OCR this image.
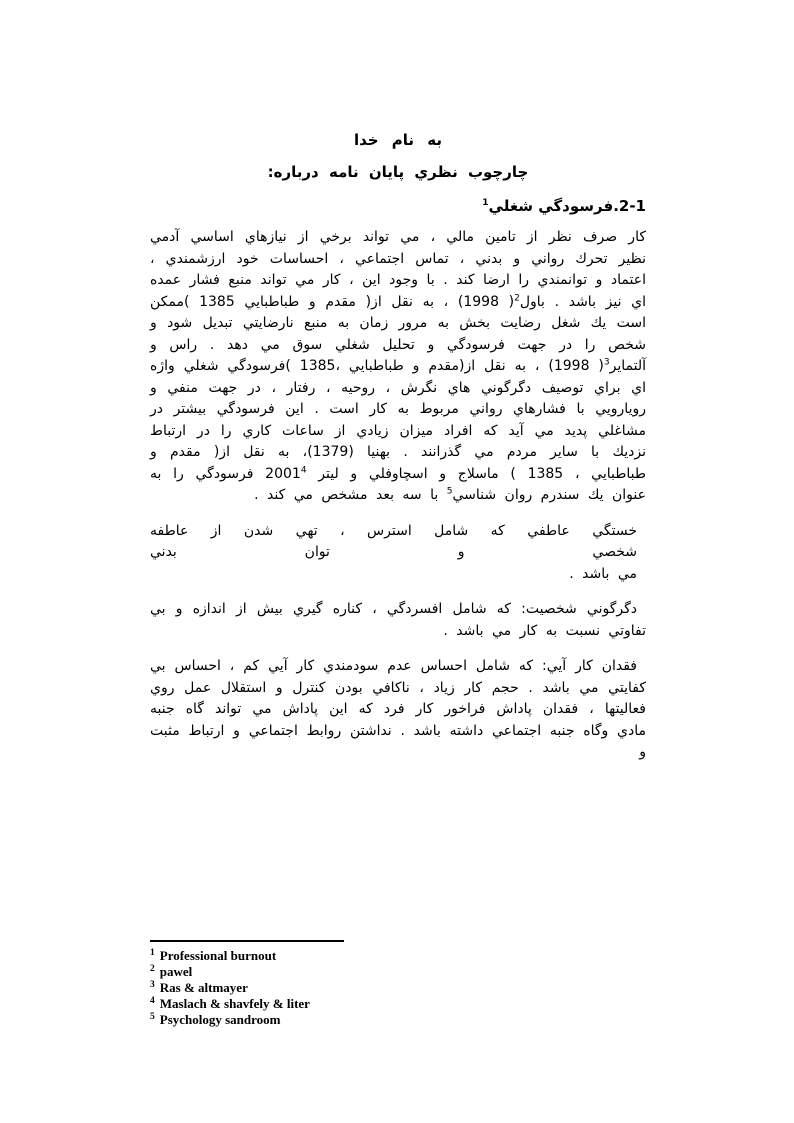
به نام خدا
چارچوب نظري پايان نامه درباره:
2-1.فرسودگي شغلي$^1$

كار صرف نظر از تامين مالي ، مي تواند برخي از نيازهاي اساسي آدمي نظير تحرك رواني و بدني ، تماس اجتماعي ، احساسات خود ارزشمندي ، اعتماد و توانمندي را ارضا كند . با وجود اين ، كار مي تواند منبع فشار عمده اي نيز باشد . باول$^2$( 1998) ، به نقل از( مقدم و طباطبايي 1385 )ممكن است يك شغل رضايت بخش به مرور زمان به منبع نارضايتي تبديل شود و شخص را در جهت فرسودگي و تحليل شغلي سوق مي دهد . راس و آلتماير$^3$( 1998) ، به نقل از(مقدم و طباطبايي ،1385 )فرسودگي شغلي واژه اي براي توصيف دگرگوني هاي نگرش ، روحيه ، رفتار ، در جهت منفي و رويارويي با فشارهاي رواني مربوط به كار است . اين فرسودگي بيشتر در مشاغلي پديد مي آيد كه افراد ميزان زيادي از ساعات كاري را در ارتباط نزديك با ساير مردم مي گذرانند . بهنيا (1379)، به نقل از( مقدم و طباطبايي ، 1385 ) ماسلاج و اسچاوفلي و ليتر 2001$^4$ فرسودگي را به عنوان يك سندرم روان شناسي$^5$ با سه بعد مشخص مي كند .

خستگي عاطفي كه شامل استرس ، تهي شدن از عاطفه
شخصي و توان بدني
مي باشد .

دگرگوني شخصيت: كه شامل افسردگي ، كناره گيري بيش از اندازه و بي تفاوتي نسبت به كار مي باشد .

فقدان كار آيي: كه شامل احساس عدم سودمندي كار آيي كم ، احساس بي كفايتي مي باشد . حجم كار زياد ، ناكافي بودن كنترل و استقلال عمل روي فعاليتها ، فقدان پاداش فراخور كار فرد كه اين پاداش مي تواند گاه جنبه مادي وگاه جنبه اجتماعي داشته باشد . نداشتن روابط اجتماعي و ارتباط مثبت و

$^1$ Professional burnout
$^2$ pawel
$^3$ Ras & altmayer
$^4$ Maslach & shavfely & liter
$^5$ Psychology sandroom
